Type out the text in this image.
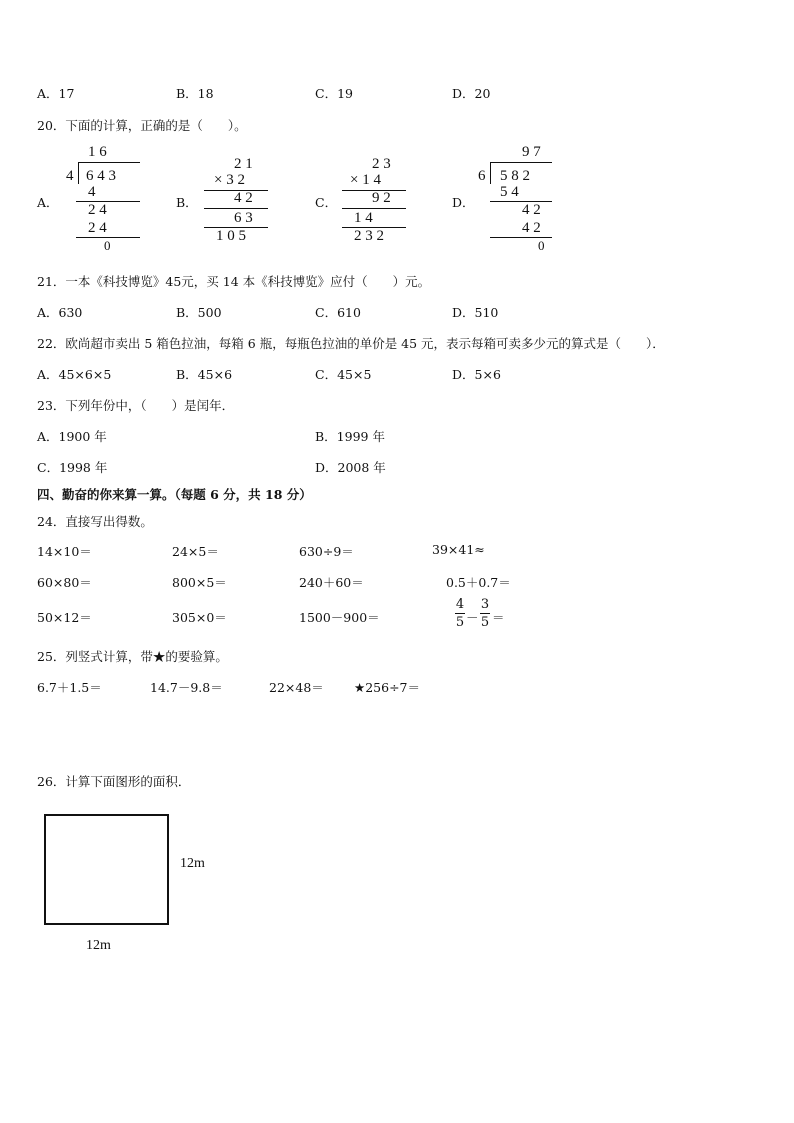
A．17	B．18	C．19	D．20
20．下面的计算，正确的是（　　）。
A．	B．	C．	D．
1 6
4 6 4 3
4
2 4
2 4
0
2 1
× 3 2
4 2
6 3
1 0 5
2 3
× 1 4
9 2
1 4
2 3 2
9 7
6 5 8 2
5 4
4 2
4 2
0
21．一本《科技博览》45元，买 14 本《科技博览》应付（　　）元。
A．630	B．500	C．610	D．510
22．欧尚超市卖出 5 箱色拉油，每箱 6 瓶，每瓶色拉油的单价是 45 元，表示每箱可卖多少元的算式是（　　）．
A．45×6×5	B．45×6	C．45×5	D．5×6
23．下列年份中，（　　）是闰年．
A．1900 年	B．1999 年
C．1998 年	D．2008 年
四、勤奋的你来算一算。（每题 6 分，共 18 分）
24．直接写出得数。
14×10＝	24×5＝	630÷9＝	39×41≈
60×80＝	800×5＝	240＋60＝	0.5＋0.7＝
50×12＝	305×0＝	1500－900＝
4
5 －
3
5 ＝
25．列竖式计算，带★的要验算。
6.7＋1.5＝	14.7－9.8＝	22×48＝ ★256÷7＝
26．计算下面图形的面积．
12m
12m
